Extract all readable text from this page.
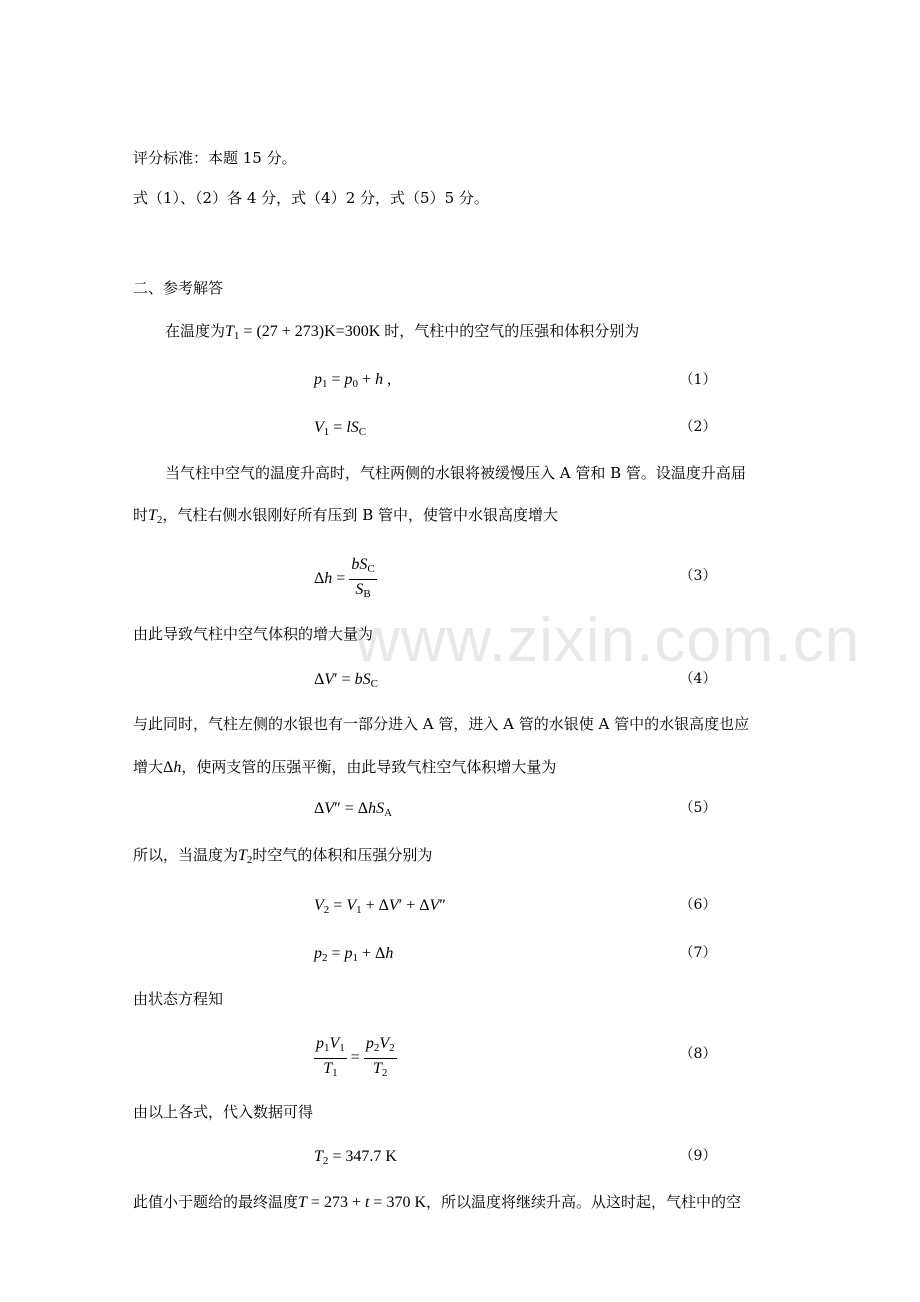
www.zixin.com.cn
评分标准：本题 15 分。
式（1）、（2）各 4 分，式（4）2 分，式（5）5 分。
二、参考解答
在温度为$T_1 = (27 + 273)K=300K$ 时，气柱中的空气的压强和体积分别为
$p_1 = p_0 + h$ ,	（1）
$V_1 = lS_C$	（2）
当气柱中空气的温度升高时，气柱两侧的水银将被缓慢压入 A 管和 B 管。设温度升高届
时$T_2$，气柱右侧水银刚好所有压到 B 管中，使管中水银高度增大
$\Delta h = \frac{bS_C}{S_B}$	（3）
由此导致气柱中空气体积的增大量为
$\Delta V' = bS_C$	（4）
与此同时，气柱左侧的水银也有一部分进入 A 管，进入 A 管的水银使 A 管中的水银高度也应
增大Δh，使两支管的压强平衡，由此导致气柱空气体积增大量为
ΔV″ = ΔhS$_A$	（5）
所以，当温度为$T_2$时空气的体积和压强分别为
$V_2 = V_1 + \Delta V' + \Delta V''$	（6）
$p_2 = p_1 + \Delta h$	（7）
由状态方程知
$\frac{p_1V_1}{T_1} = \frac{p_2V_2}{T_2}$	（8）
由以上各式，代入数据可得
$T_2 = 347.7$ K	（9）
此值小于题给的最终温度T = 273 + t = 370 K，所以温度将继续升高。从这时起，气柱中的空
